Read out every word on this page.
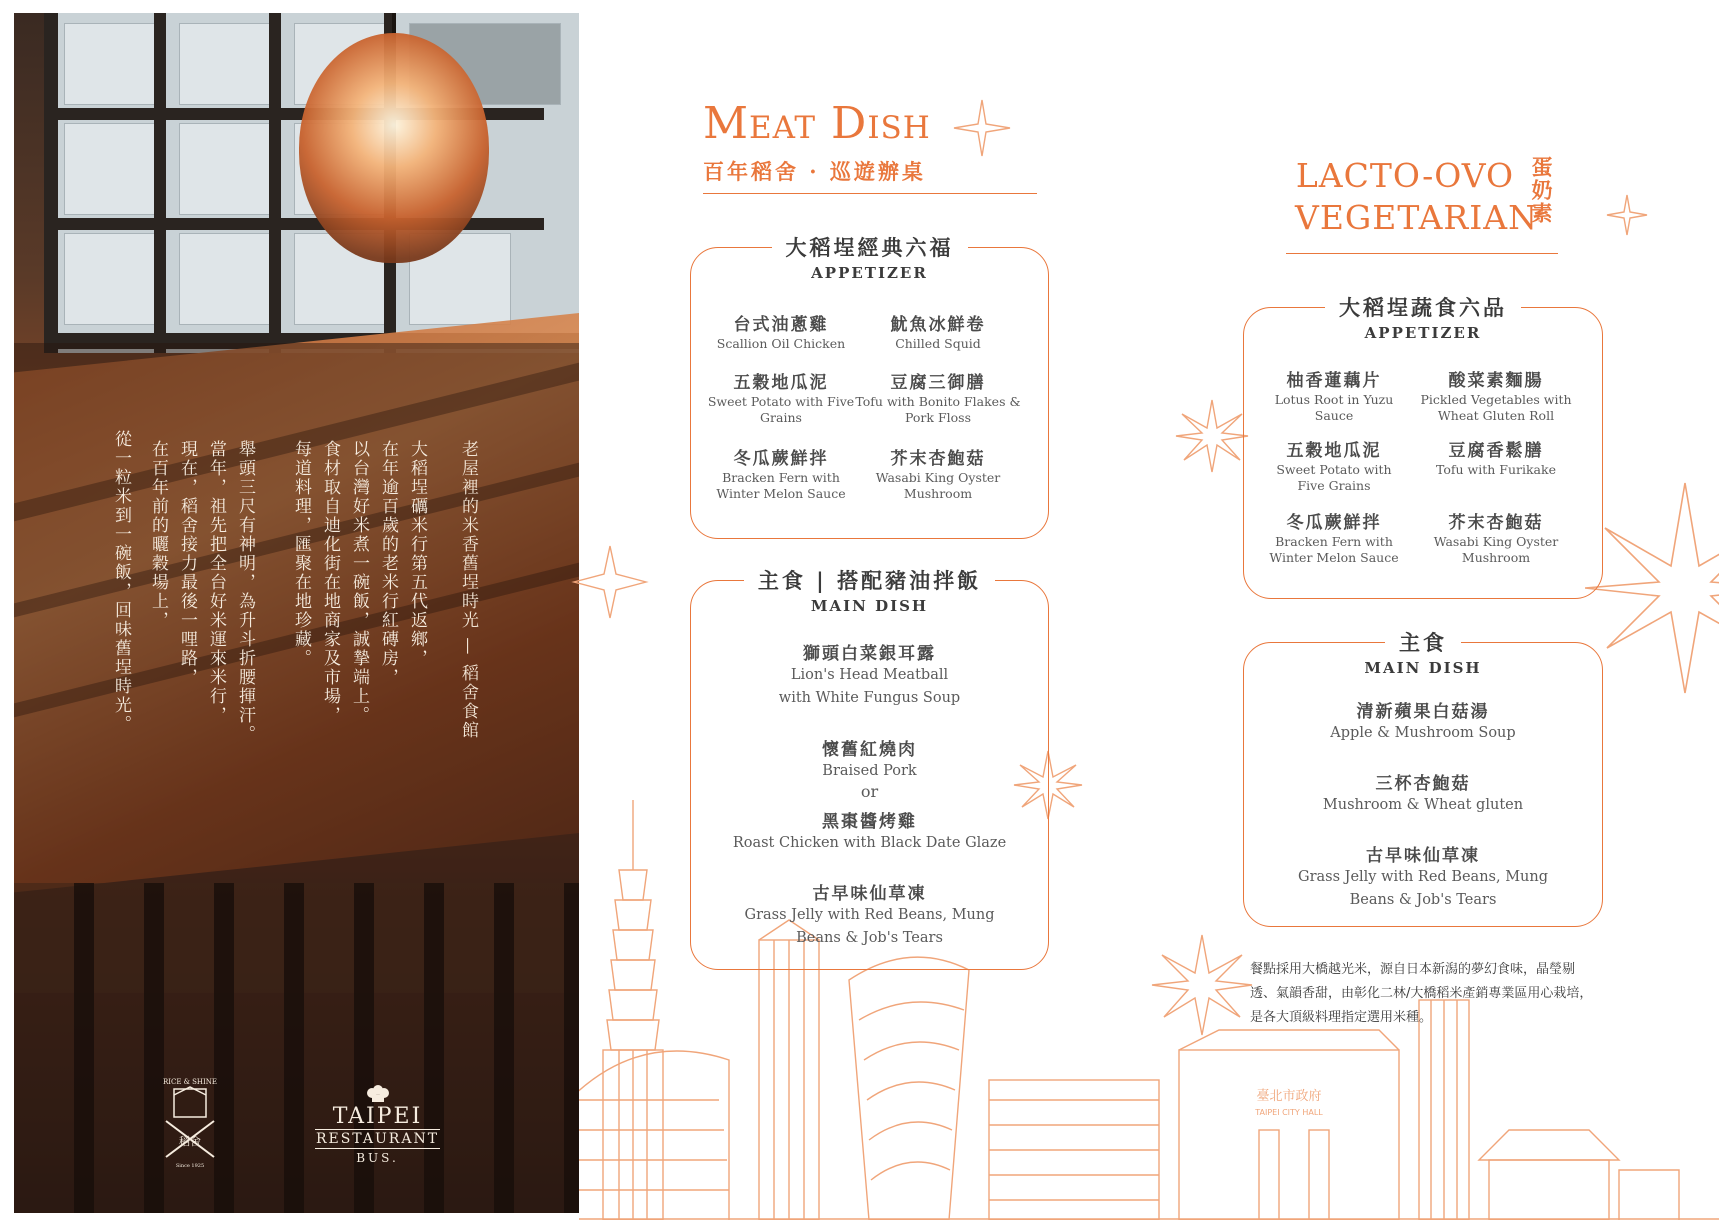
老屋裡的米香舊埕時光 — 稻舍食館
從一粒米到一碗飯，回味舊埕時光。 在百年前的曬穀場上， 現在，稻舍接力最後一哩路， 當年，祖先把全台好米運來米行， 舉頭三尺有神明，為升斗折腰揮汗。 每道料理，匯聚在地珍藏。 食材取自迪化街在地商家及市場， 以台灣好米煮一碗飯，誠摯端上。 在年逾百歲的老米行紅磚房， 大稻埕礪米行第五代返鄉，
RICE & SHINE
稻舍
Since 1925
TAIPEI
RESTAURANT
BUS.
臺北市政府
TAIPEI CITY HALL
Meat Dish
百年稻舍 · 巡遊辦桌
大稻埕經典六福
APPETIZER
台式油蔥雞
Scallion Oil Chicken
魷魚冰鮮卷
Chilled Squid
五穀地瓜泥
Sweet Potato with Five Grains
豆腐三御膳
Tofu with Bonito Flakes & Pork Floss
冬瓜蕨鮮拌
Bracken Fern with Winter Melon Sauce
芥末杏鮑菇
Wasabi King Oyster Mushroom
主食 | 搭配豬油拌飯
MAIN DISH
獅頭白菜銀耳露
Lion's Head Meatball
with White Fungus Soup
懷舊紅燒肉
Braised Pork
or
黑棗醬烤雞
Roast Chicken with Black Date Glaze
古早味仙草凍
Grass Jelly with Red Beans, Mung
Beans & Job's Tears
LACTO-OVO
VEGETARIAN
蛋奶素
大稻埕蔬食六品
APPETIZER
柚香蓮藕片
Lotus Root in Yuzu Sauce
酸菜素麵腸
Pickled Vegetables with Wheat Gluten Roll
五穀地瓜泥
Sweet Potato with Five Grains
豆腐香鬆膳
Tofu with Furikake
冬瓜蕨鮮拌
Bracken Fern with Winter Melon Sauce
芥末杏鮑菇
Wasabi King Oyster Mushroom
主食
MAIN DISH
清新蘋果白菇湯
Apple & Mushroom Soup
三杯杏鮑菇
Mushroom & Wheat gluten
古早味仙草凍
Grass Jelly with Red Beans, Mung
Beans & Job's Tears
餐點採用大橋越光米，源自日本新潟的夢幻食味，晶瑩剔透、氣韻香甜，由彰化二林/大橋稻米產銷專業區用心栽培，是各大頂級料理指定選用米種。
